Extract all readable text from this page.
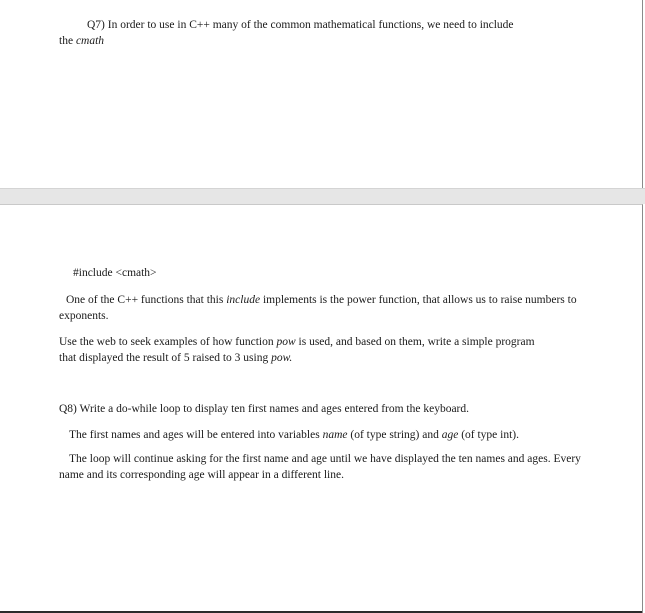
Q7) In order to use in C++ many of the common mathematical functions, we need to include
the cmath

#include <cmath>

One of the C++ functions that this include implements is the power function, that allows us to raise numbers to exponents.

Use the web to seek examples of how function pow is used, and based on them, write a simple program that displayed the result of 5 raised to 3 using pow.

Q8) Write a do-while loop to display ten first names and ages entered from the keyboard.

The first names and ages will be entered into variables name (of type string) and age (of type int).

The loop will continue asking for the first name and age until we have displayed the ten names and ages. Every name and its corresponding age will appear in a different line.
